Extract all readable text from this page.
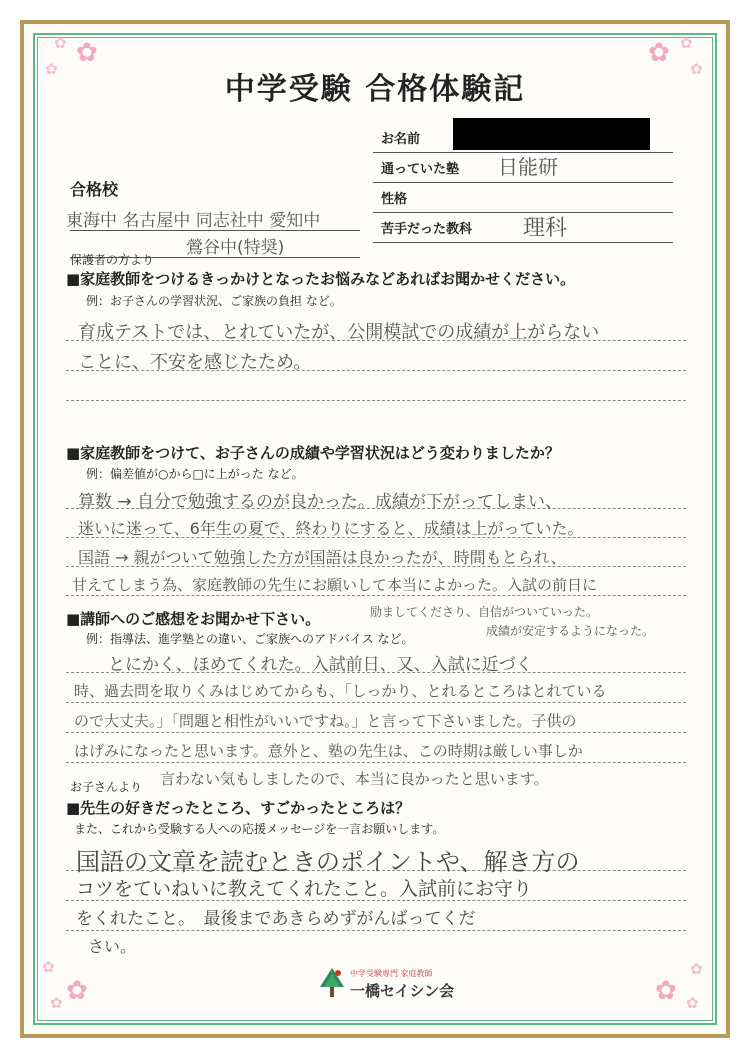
✿
✿
✿
✿ ✿
✿
✿
✿
✿	✿
✿
✿
中学受験 合格体験記
お名前
通っていた塾 日能研
性格
苦手だった教科 理科
合格校
東海中 名古屋中 同志社中 愛知中
鶯谷中(特奨)
保護者の方より
■家庭教師をつけるきっかけとなったお悩みなどあればお聞かせください。
例：お子さんの学習状況、ご家族の負担 など。
育成テストでは、とれていたが、公開模試での成績が上がらない
ことに、不安を感じたため。
■家庭教師をつけて、お子さんの成績や学習状況はどう変わりましたか？
例：偏差値が○から□に上がった など。
算数 → 自分で勉強するのが良かった。成績が下がってしまい、
迷いに迷って、6年生の夏で、終わりにすると、成績は上がっていた。
国語 → 親がついて勉強した方が国語は良かったが、時間もとられ、
甘えてしまう為、家庭教師の先生にお願いして本当によかった。入試の前日に
励ましてくださり、自信がついていった。
成績が安定するようになった。
■講師へのご感想をお聞かせ下さい。
例：指導法、進学塾との違い、ご家族へのアドバイス など。
とにかく、ほめてくれた。入試前日、又、入試に近づく
時、過去問を取りくみはじめてからも、「しっかり、とれるところはとれている
ので大丈夫。」「問題と相性がいいですね。」と言って下さいました。子供の
はげみになったと思います。意外と、塾の先生は、この時期は厳しい事しか
言わない気もしましたので、本当に良かったと思います。
お子さんより
■先生の好きだったところ、すごかったところは？
また、これから受験する人への応援メッセージを一言お願いします。
国語の文章を読むときのポイントや、解き方の
コツをていねいに教えてくれたこと。入試前にお守り
をくれたこと。　最後まであきらめずがんばってくだ
さい。
中学受験専門 家庭教師
一橋セイシン会
